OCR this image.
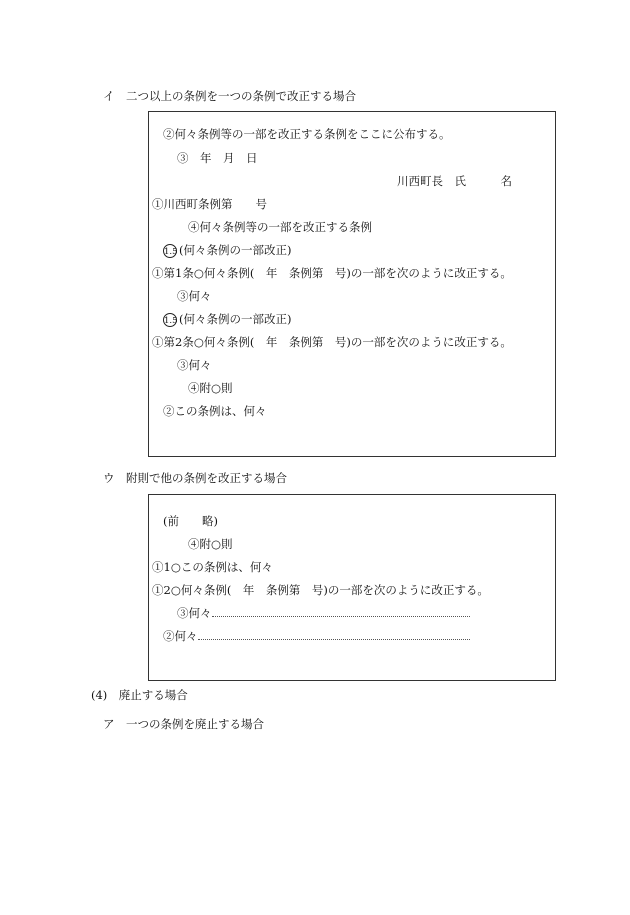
イ　二つ以上の条例を一つの条例で改正する場合
②何々条例等の一部を改正する条例をここに公布する。
③　年　月　日
川西町長　氏　　　名
①川西町条例第　　号
④何々条例等の一部を改正する条例
1.5(何々条例の一部改正)
①第1条○何々条例(　年　条例第　号)の一部を次のように改正する。
③何々
1.5(何々条例の一部改正)
①第2条○何々条例(　年　条例第　号)の一部を次のように改正する。
③何々
④附○則
②この条例は、何々
ウ　附則で他の条例を改正する場合
(前　　略)
④附○則
①1○この条例は、何々
①2○何々条例(　年　条例第　号)の一部を次のように改正する。
③何々
②何々
(4)　廃止する場合
ア　一つの条例を廃止する場合
